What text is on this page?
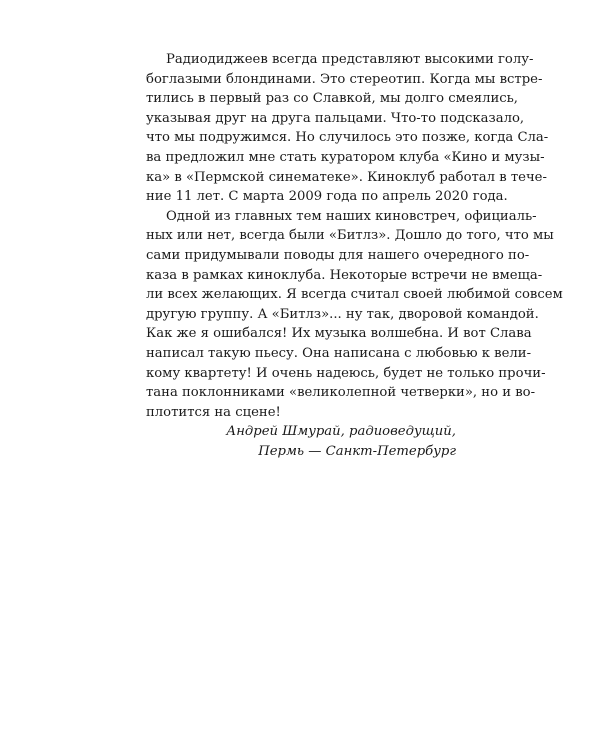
Радиодиджеев всегда представляют высокими голу-
боглазыми блондинами. Это стереотип. Когда мы встре-
тились в первый раз со Славкой, мы долго смеялись,
указывая друг на друга пальцами. Что-то подсказало,
что мы подружимся. Но случилось это позже, когда Сла-
ва предложил мне стать куратором клуба «Кино и музы-
ка» в «Пермской синематеке». Киноклуб работал в тече-
ние 11 лет. С марта 2009 года по апрель 2020 года.

Одной из главных тем наших киновстреч, официаль-
ных или нет, всегда были «Битлз». Дошло до того, что мы
сами придумывали поводы для нашего очередного по-
каза в рамках киноклуба. Некоторые встречи не вмеща-
ли всех желающих. Я всегда считал своей любимой совсем
другую группу. А «Битлз»... ну так, дворовой командой.
Как же я ошибался! Их музыка волшебна. И вот Слава
написал такую пьесу. Она написана с любовью к вели-
кому квартету! И очень надеюсь, будет не только прочи-
тана поклонниками «великолепной четверки», но и во-
плотится на сцене!

Андрей Шмурай, радиоведущий,
Пермь — Санкт-Петербург
